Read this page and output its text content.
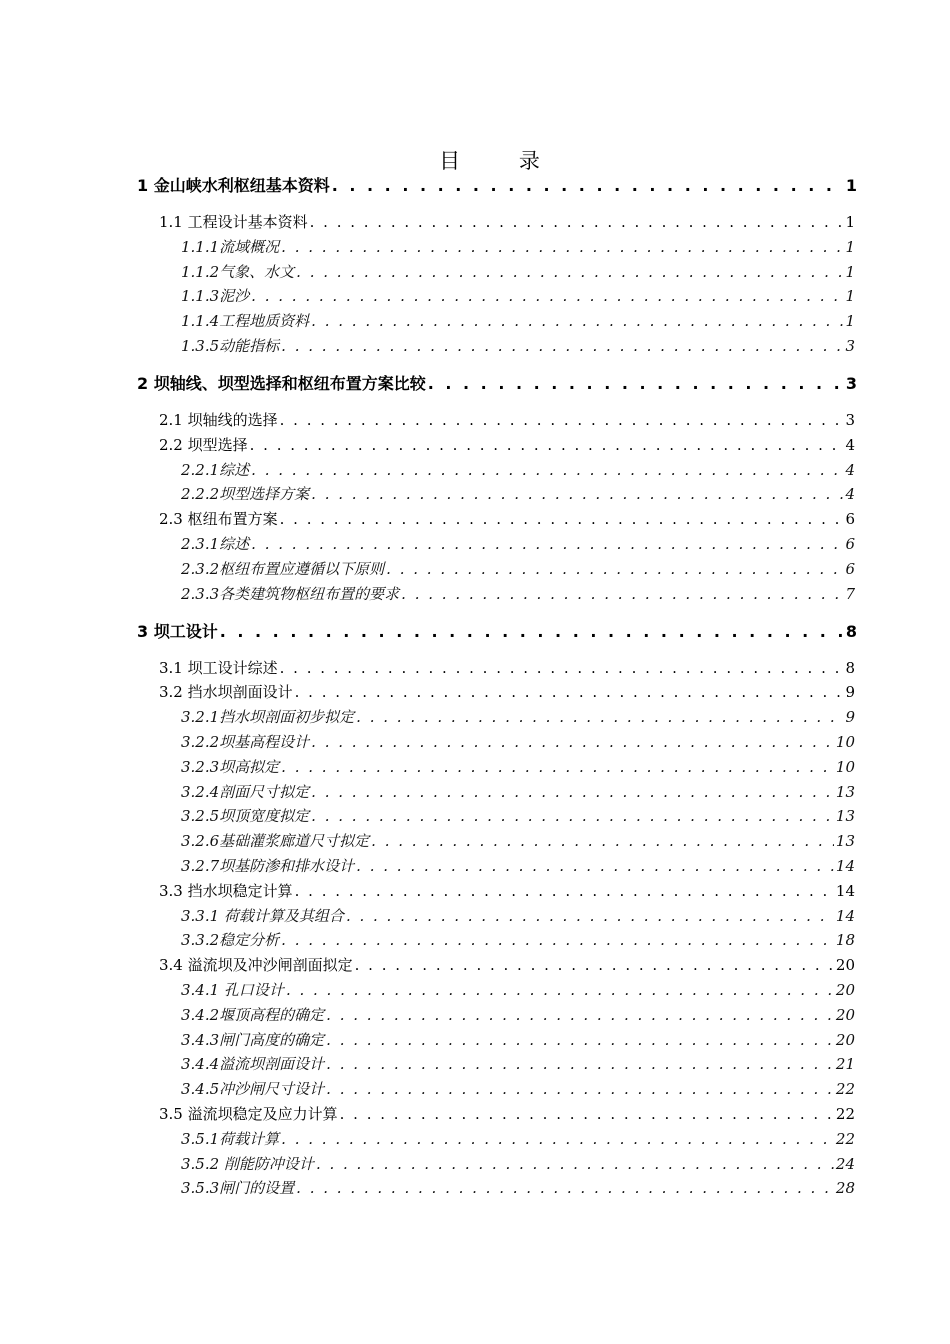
目 录
1 金山峡水利枢纽基本资料 . . .	1
1.1 工程设计基本资料 . . .	1
1.1.1流域概况 . . .	1
1.1.2气象、水文 . . .	1
1.1.3泥沙 . . .	1
1.1.4工程地质资料 . . .	1
1.3.5动能指标 . . .	3
2 坝轴线、坝型选择和枢纽布置方案比较 . . .	3
2.1 坝轴线的选择 . . .	3
2.2 坝型选择 . . .	4
2.2.1综述 . . .	4
2.2.2坝型选择方案 . . .	4
2.3 枢纽布置方案 . . .	6
2.3.1综述 . . .	6
2.3.2枢纽布置应遵循以下原则 . . .	6
2.3.3各类建筑物枢纽布置的要求 . . .	7
3 坝工设计 . . .	8
3.1 坝工设计综述 . . .	8
3.2 挡水坝剖面设计 . . .	9
3.2.1挡水坝剖面初步拟定 . . .	9
3.2.2坝基高程设计 . . .	10
3.2.3坝高拟定 . . .	10
3.2.4剖面尺寸拟定 . . .	13
3.2.5坝顶宽度拟定 . . .	13
3.2.6基础灌浆廊道尺寸拟定 . . .	13
3.2.7坝基防渗和排水设计 . . .	14
3.3 挡水坝稳定计算 . . .	14
3.3.1 荷载计算及其组合 . . .	14
3.3.2稳定分析 . . .	18
3.4 溢流坝及冲沙闸剖面拟定 . . .	20
3.4.1 孔口设计 . . .	20
3.4.2堰顶高程的确定 . . .	20
3.4.3闸门高度的确定 . . .	20
3.4.4溢流坝剖面设计 . . .	21
3.4.5冲沙闸尺寸设计 . . .	22
3.5 溢流坝稳定及应力计算 . . .	22
3.5.1荷载计算 . . .	22
3.5.2 削能防冲设计 . . .	24
3.5.3闸门的设置 . . .	28
